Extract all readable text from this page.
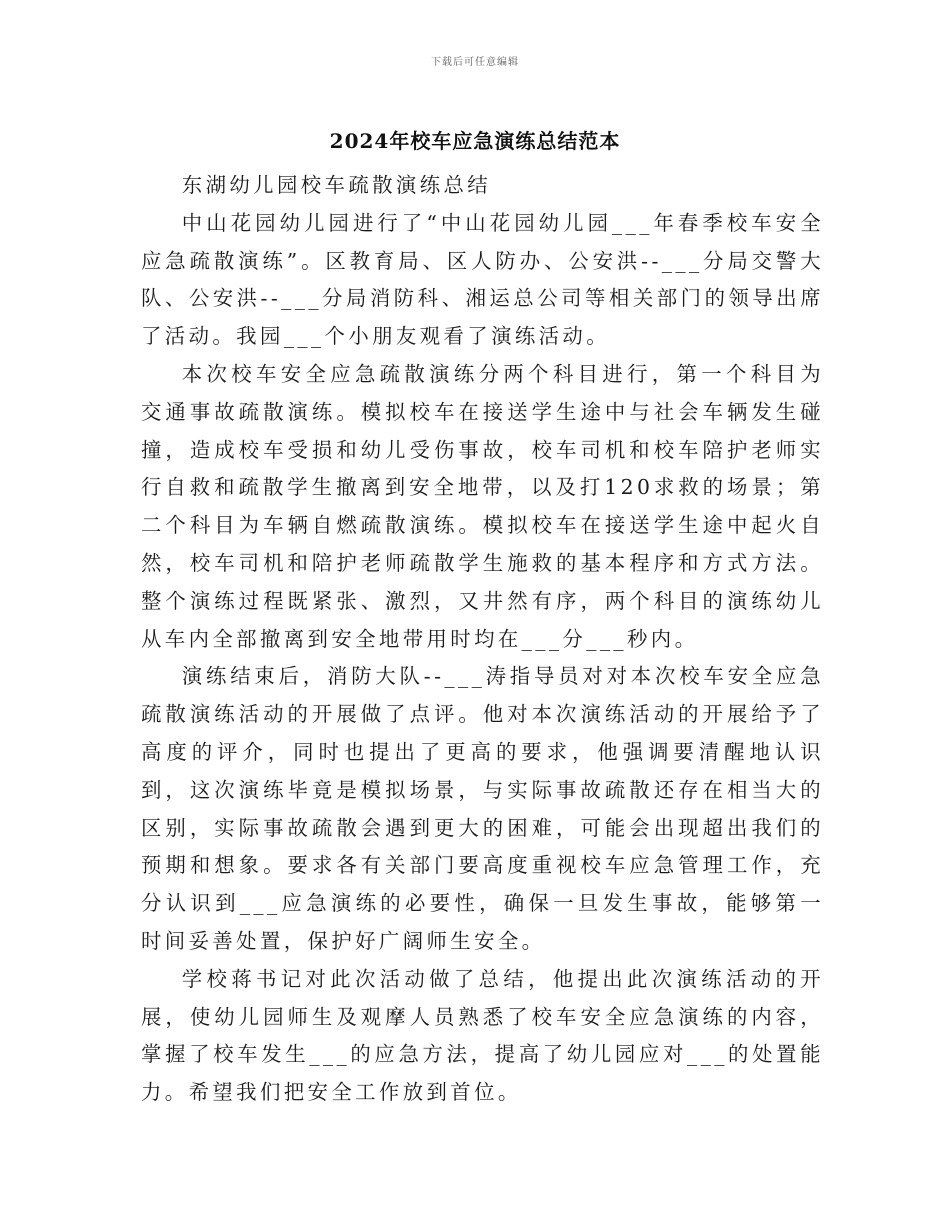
下载后可任意编辑
2024年校车应急演练总结范本

东湖幼儿园校车疏散演练总结

中山花园幼儿园进行了“中山花园幼儿园___年春季校车安全应急疏散演练”。区教育局、区人防办、公安洪--___分局交警大队、公安洪--___分局消防科、湘运总公司等相关部门的领导出席了活动。我园___个小朋友观看了演练活动。

本次校车安全应急疏散演练分两个科目进行，第一个科目为交通事故疏散演练。模拟校车在接送学生途中与社会车辆发生碰撞，造成校车受损和幼儿受伤事故，校车司机和校车陪护老师实行自救和疏散学生撤离到安全地带，以及打120求救的场景；第二个科目为车辆自燃疏散演练。模拟校车在接送学生途中起火自然，校车司机和陪护老师疏散学生施救的基本程序和方式方法。整个演练过程既紧张、激烈，又井然有序，两个科目的演练幼儿从车内全部撤离到安全地带用时均在___分___秒内。

演练结束后，消防大队--___涛指导员对对本次校车安全应急疏散演练活动的开展做了点评。他对本次演练活动的开展给予了高度的评介，同时也提出了更高的要求，他强调要清醒地认识到，这次演练毕竟是模拟场景，与实际事故疏散还存在相当大的区别，实际事故疏散会遇到更大的困难，可能会出现超出我们的预期和想象。要求各有关部门要高度重视校车应急管理工作，充分认识到___应急演练的必要性，确保一旦发生事故，能够第一时间妥善处置，保护好广阔师生安全。

学校蒋书记对此次活动做了总结，他提出此次演练活动的开展，使幼儿园师生及观摩人员熟悉了校车安全应急演练的内容，掌握了校车发生___的应急方法，提高了幼儿园应对___的处置能力。希望我们把安全工作放到首位。
